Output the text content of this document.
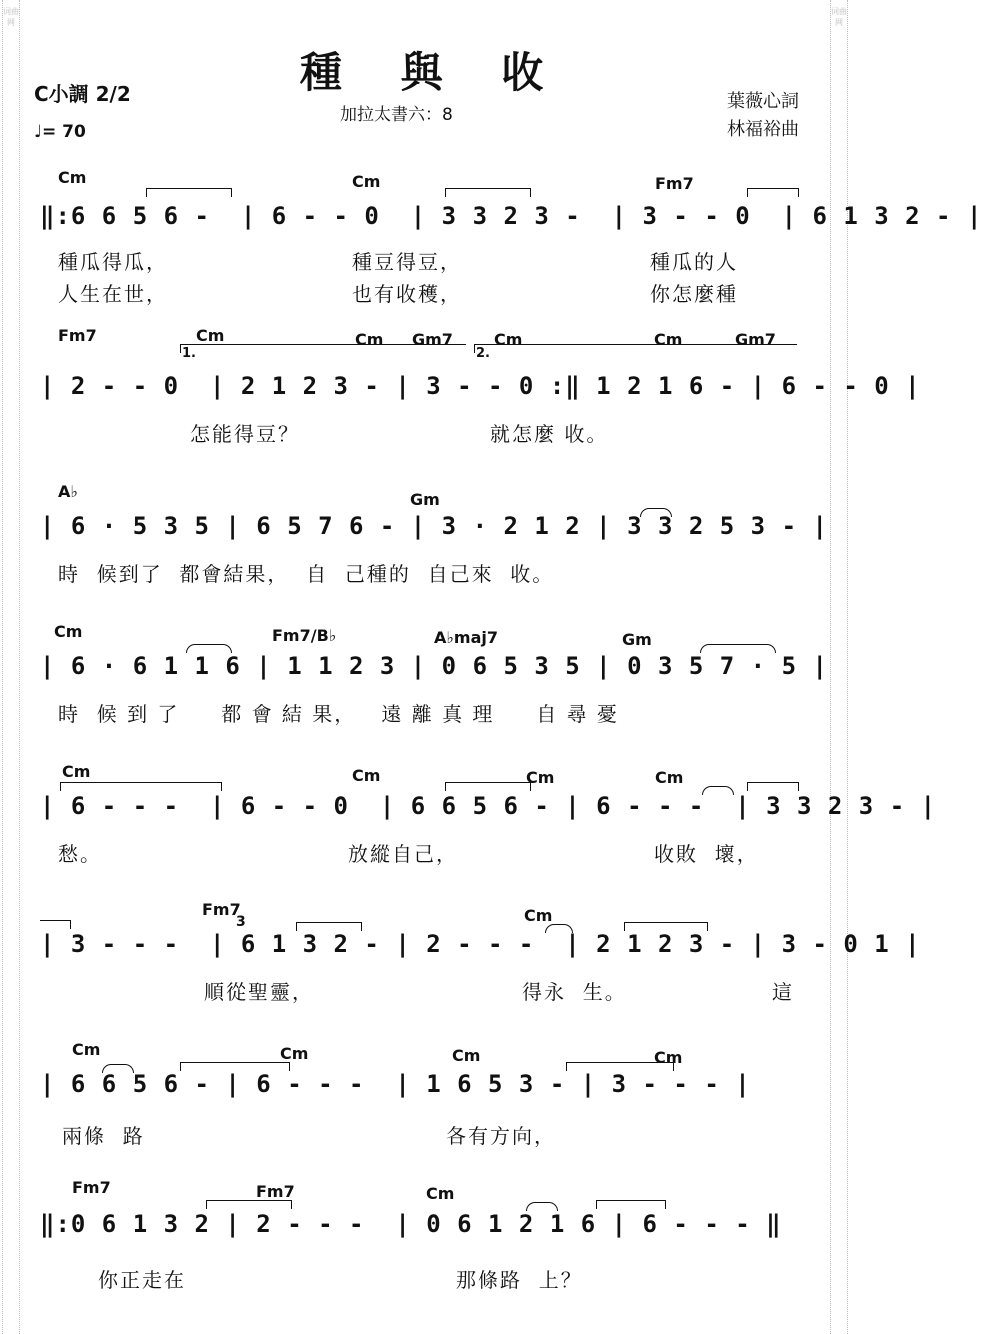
词曲网
词曲网
C小調 2/2
♩= 70
種 與 收
加拉太書六：8
葉薇心詞
林福裕曲
Cm	Cm	Fm7
‖:6 6 5 6 -  | 6 - - 0  | 3 3 2 3 -  | 3 - - 0  | 6 1 3 2 - |
種瓜得瓜，	種豆得豆，	種瓜的人
人生在世，	也有收穫，	你怎麼種
Fm7	Cm	Cm Gm7	Cm	Cm	Gm7
1.	2.
| 2 - - 0  | 2 1 2 3 - | 3 - - 0 :‖ 1 2 1 6 - | 6 - - 0 |
怎能得豆？	就怎麼 收。
A♭	Gm
| 6 · 5 3 5 | 6 5 7 6 - | 3 · 2 1 2 | 3 3 2 5 3 - |
時  候到了  都會結果，  自  己種的  自己來  收。
Cm	Fm7/B♭	A♭maj7	Gm
| 6 · 6 1 1 6 | 1 1 2 3 | 0 6 5 3 5 | 0 3 5 7 · 5 |
時  候 到 了     都 會 結 果，   遠 離 真 理     自 尋 憂
Cm	Cm	Cm	Cm
| 6 - - -  | 6 - - 0  | 6 6 5 6 - | 6 - - -  | 3 3 2 3 - |
愁。	放縱自己，	收敗  壞，
Fm7	Cm
3
| 3 - - -  | 6 1 3 2 - | 2 - - -  | 2 1 2 3 - | 3 - 0 1 |
順從聖靈，	得永  生。	這
Cm	Cm	Cm	Cm
| 6 6 5 6 - | 6 - - -  | 1 6 5 3 - | 3 - - - |
兩條  路	各有方向，
Fm7	Fm7	Cm
‖:0 6 1 3 2 | 2 - - -  | 0 6 1 2 1 6 | 6 - - - ‖
你正走在	那條路  上？
